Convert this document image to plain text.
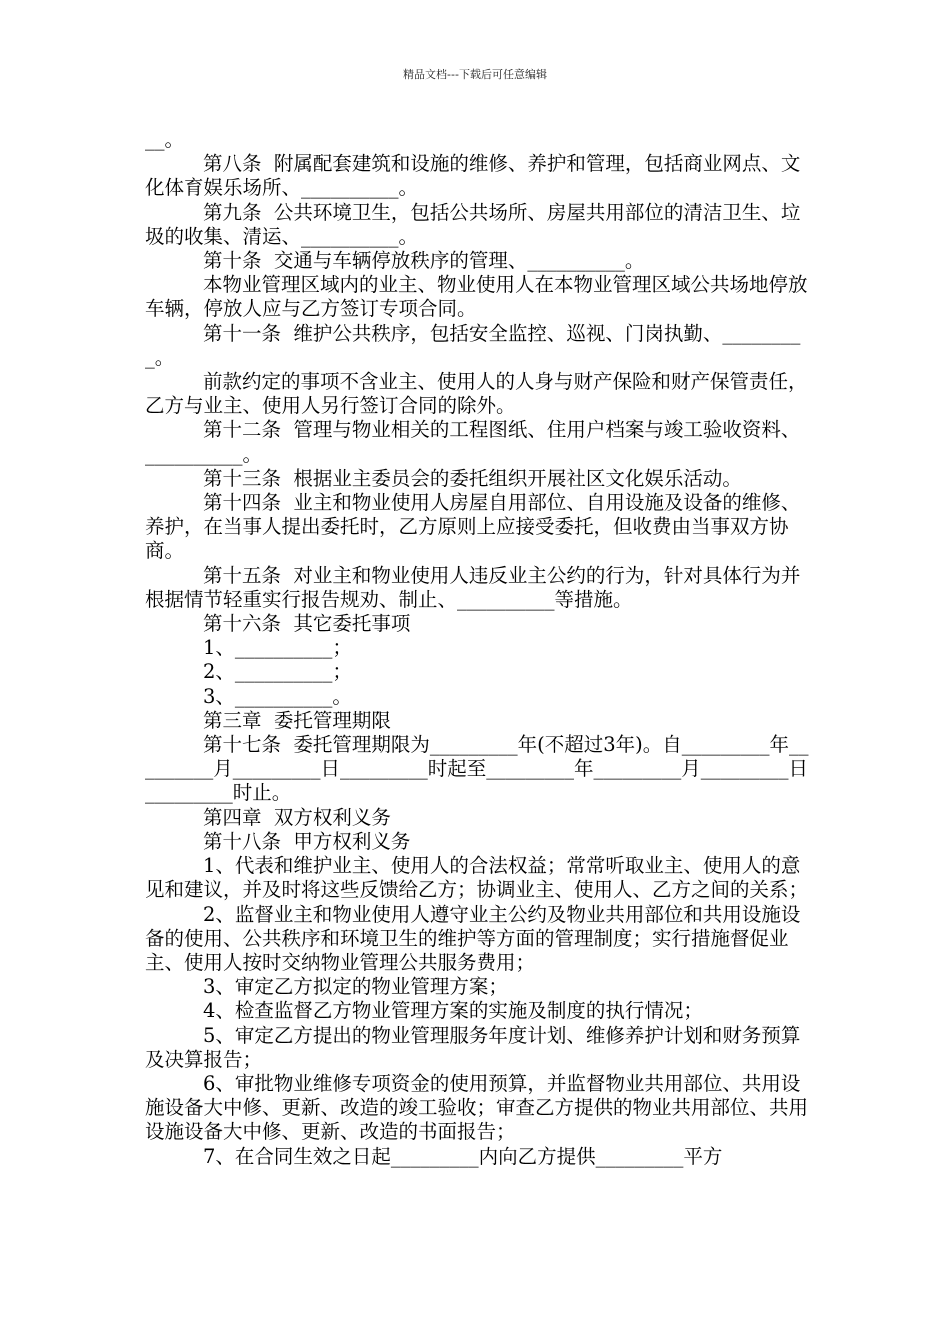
精品文档---下载后可任意编辑

__。

第八条  附属配套建筑和设施的维修、养护和管理，包括商业网点、文化体育娱乐场所、__________。

第九条  公共环境卫生，包括公共场所、房屋共用部位的清洁卫生、垃圾的收集、清运、__________。

第十条  交通与车辆停放秩序的管理、__________。

本物业管理区域内的业主、物业使用人在本物业管理区域公共场地停放车辆，停放人应与乙方签订专项合同。

第十一条  维护公共秩序，包括安全监控、巡视、门岗执勤、_________。

前款约定的事项不含业主、使用人的人身与财产保险和财产保管责任，乙方与业主、使用人另行签订合同的除外。

第十二条  管理与物业相关的工程图纸、住用户档案与竣工验收资料、__________。

第十三条  根据业主委员会的委托组织开展社区文化娱乐活动。

第十四条  业主和物业使用人房屋自用部位、自用设施及设备的维修、养护，在当事人提出委托时，乙方原则上应接受委托，但收费由当事双方协商。

第十五条  对业主和物业使用人违反业主公约的行为，针对具体行为并根据情节轻重实行报告规劝、制止、__________等措施。

第十六条  其它委托事项

1、__________；

2、__________；

3、__________。

第三章  委托管理期限

第十七条  委托管理期限为_________年(不超过3年)。自_________年_________月_________日_________时起至_________年_________月_________日_________时止。

第四章  双方权利义务

第十八条  甲方权利义务

1、代表和维护业主、使用人的合法权益；常常听取业主、使用人的意见和建议，并及时将这些反馈给乙方；协调业主、使用人、乙方之间的关系；

2、监督业主和物业使用人遵守业主公约及物业共用部位和共用设施设备的使用、公共秩序和环境卫生的维护等方面的管理制度；实行措施督促业主、使用人按时交纳物业管理公共服务费用；

3、审定乙方拟定的物业管理方案；

4、检查监督乙方物业管理方案的实施及制度的执行情况；

5、审定乙方提出的物业管理服务年度计划、维修养护计划和财务预算及决算报告；

6、审批物业维修专项资金的使用预算，并监督物业共用部位、共用设施设备大中修、更新、改造的竣工验收；审查乙方提供的物业共用部位、共用设施设备大中修、更新、改造的书面报告；

7、在合同生效之日起_________内向乙方提供_________平方
